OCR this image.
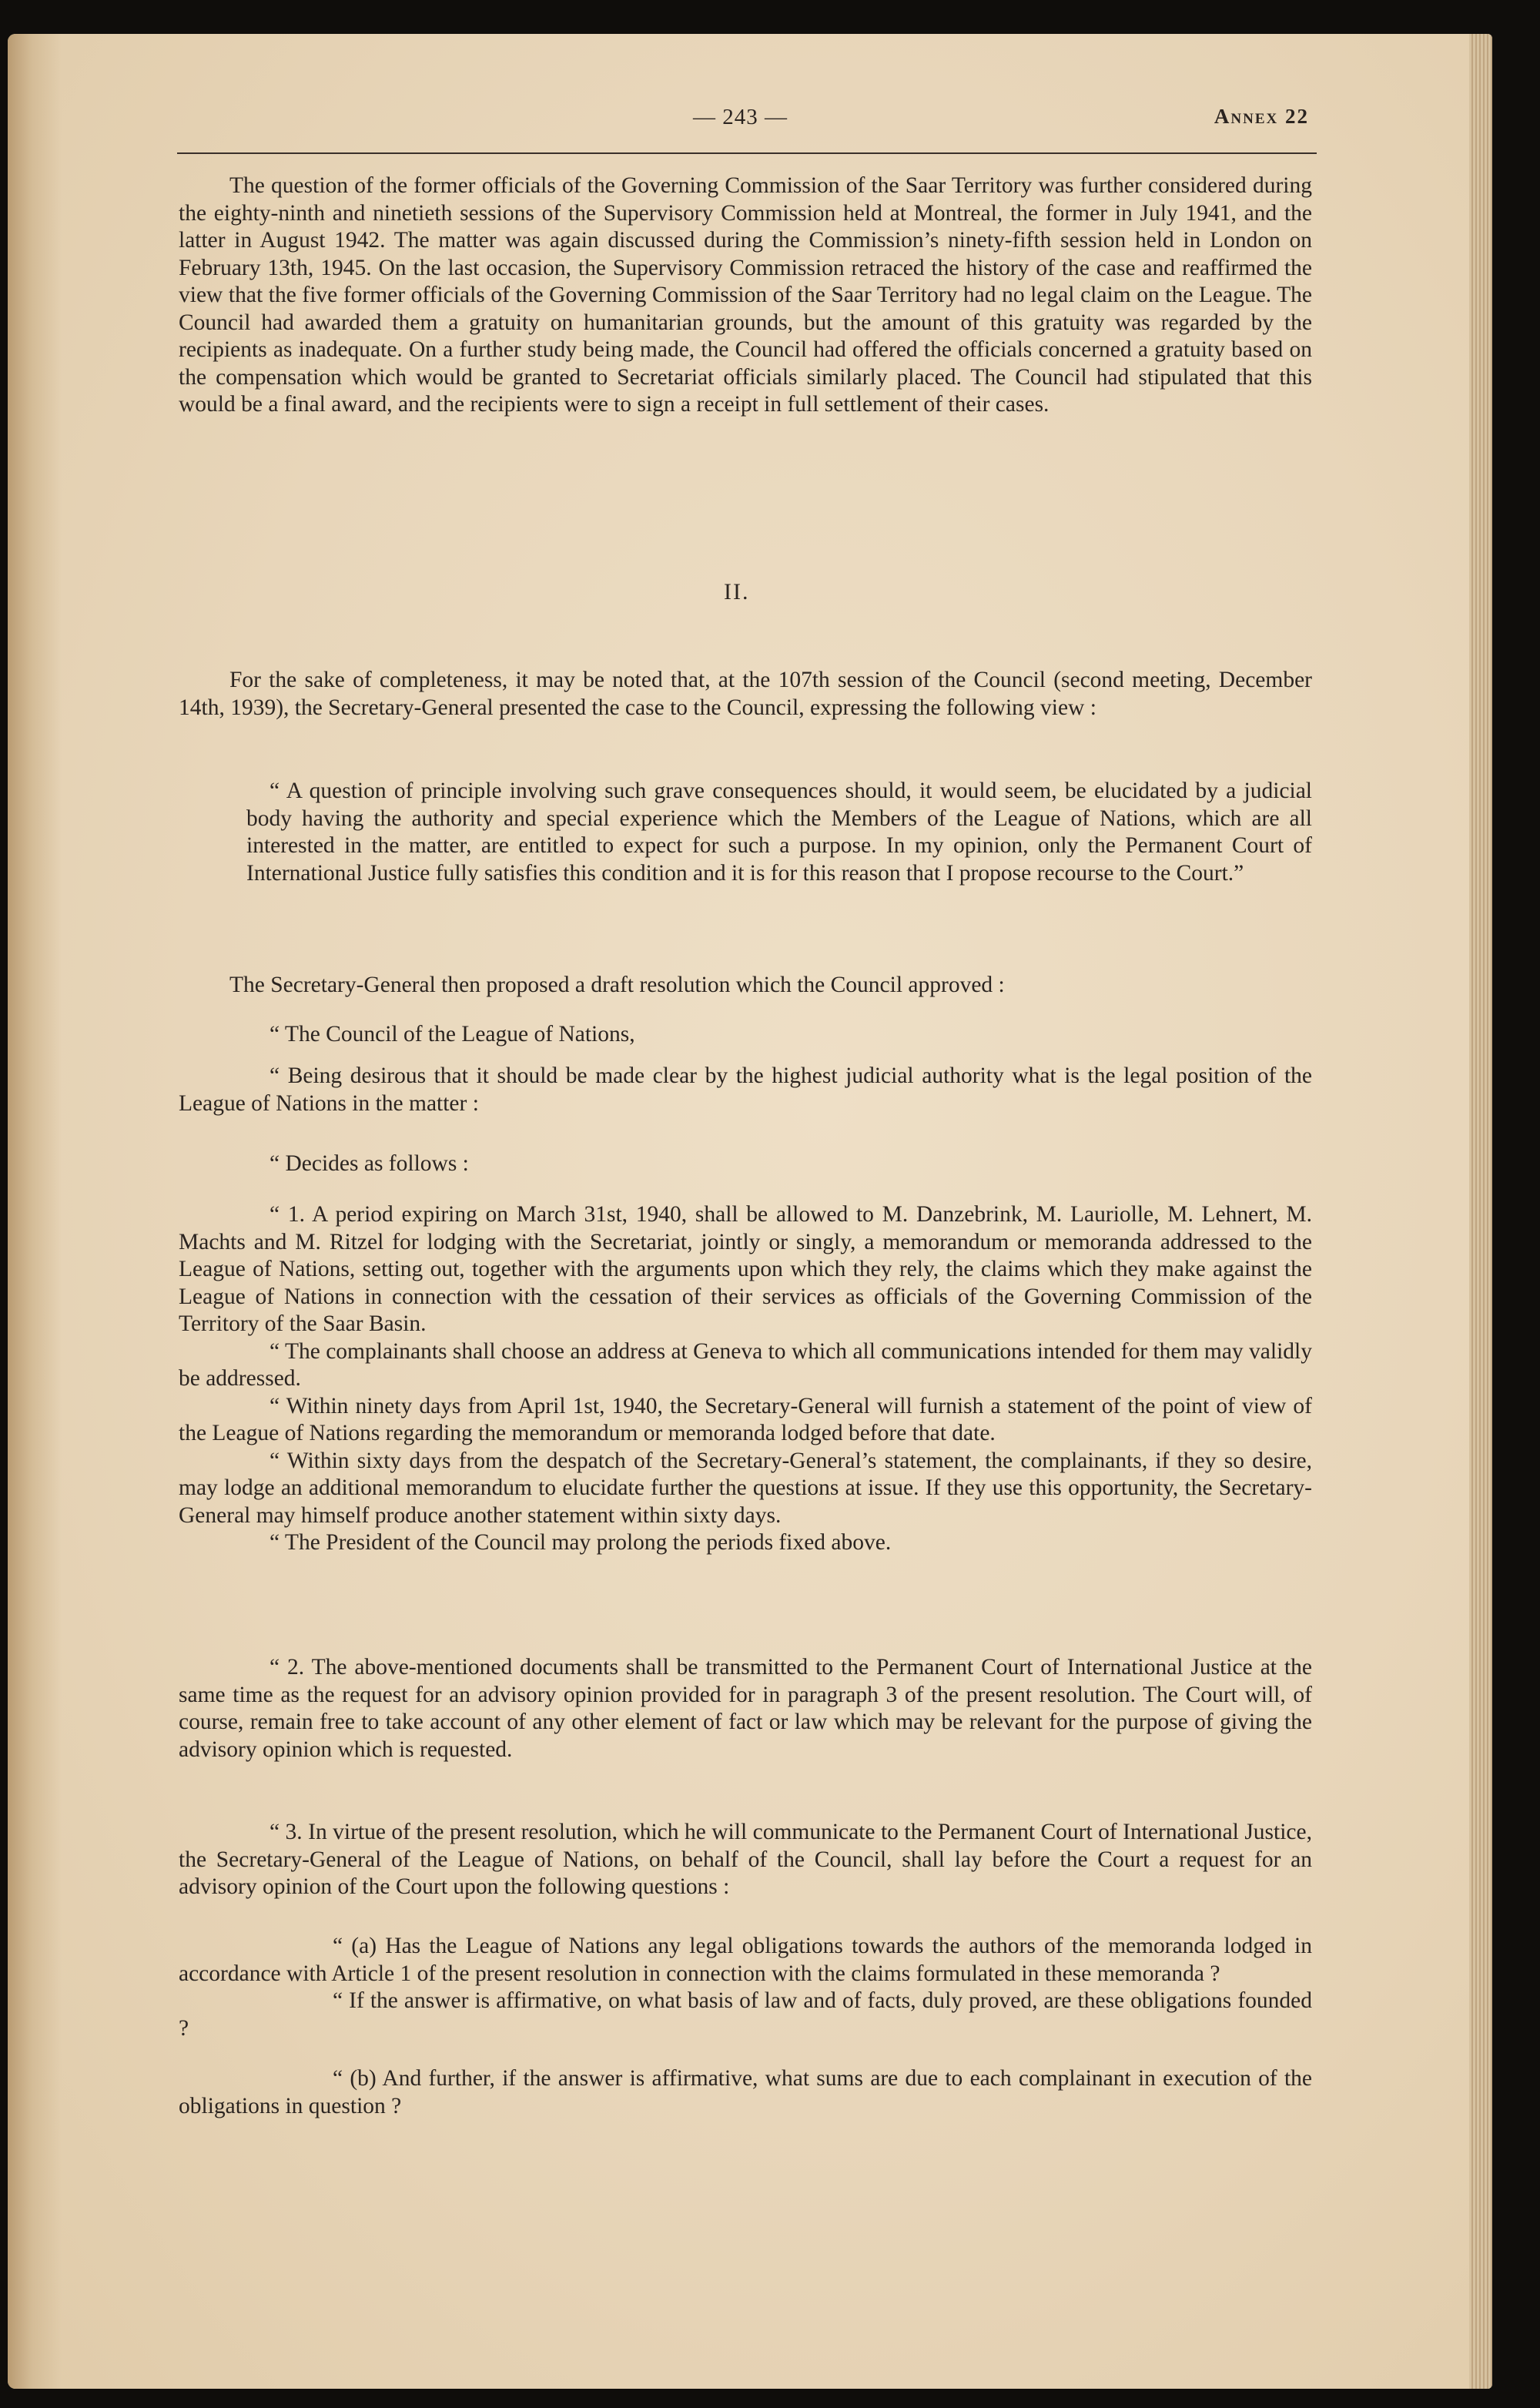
— 243 —	Annex 22

The question of the former officials of the Governing Commission of the Saar Territory was further considered during the eighty-ninth and ninetieth sessions of the Supervisory Commission held at Montreal, the former in July 1941, and the latter in August 1942. The matter was again discussed during the Commission’s ninety-fifth session held in London on February 13th, 1945. On the last occasion, the Supervisory Commission retraced the history of the case and reaffirmed the view that the five former officials of the Governing Commission of the Saar Territory had no legal claim on the League. The Council had awarded them a gratuity on humanitarian grounds, but the amount of this gratuity was regarded by the recipients as inadequate. On a further study being made, the Council had offered the officials concerned a gratuity based on the compensation which would be granted to Secretariat officials similarly placed. The Council had stipulated that this would be a final award, and the recipients were to sign a receipt in full settlement of their cases.

II.

For the sake of completeness, it may be noted that, at the 107th session of the Council (second meeting, December 14th, 1939), the Secretary-General presented the case to the Council, expressing the following view :

“ A question of principle involving such grave consequences should, it would seem, be elucidated by a judicial body having the authority and special experience which the Members of the League of Nations, which are all interested in the matter, are entitled to expect for such a purpose. In my opinion, only the Permanent Court of International Justice fully satisfies this condition and it is for this reason that I propose recourse to the Court.”

The Secretary-General then proposed a draft resolution which the Council approved :

“ The Council of the League of Nations,

“ Being desirous that it should be made clear by the highest judicial authority what is the legal position of the League of Nations in the matter :

“ Decides as follows :

“ 1. A period expiring on March 31st, 1940, shall be allowed to M. Danzebrink, M. Lauriolle, M. Lehnert, M. Machts and M. Ritzel for lodging with the Secretariat, jointly or singly, a memorandum or memoranda addressed to the League of Nations, setting out, together with the arguments upon which they rely, the claims which they make against the League of Nations in connection with the cessation of their services as officials of the Governing Commission of the Territory of the Saar Basin.

“ The complainants shall choose an address at Geneva to which all communications intended for them may validly be addressed.

“ Within ninety days from April 1st, 1940, the Secretary-General will furnish a statement of the point of view of the League of Nations regarding the memorandum or memoranda lodged before that date.

“ Within sixty days from the despatch of the Secretary-General’s statement, the complainants, if they so desire, may lodge an additional memorandum to elucidate further the questions at issue. If they use this opportunity, the Secretary-General may himself produce another statement within sixty days.

“ The President of the Council may prolong the periods fixed above.

“ 2. The above-mentioned documents shall be transmitted to the Permanent Court of International Justice at the same time as the request for an advisory opinion provided for in paragraph 3 of the present resolution. The Court will, of course, remain free to take account of any other element of fact or law which may be relevant for the purpose of giving the advisory opinion which is requested.

“ 3. In virtue of the present resolution, which he will communicate to the Permanent Court of International Justice, the Secretary-General of the League of Nations, on behalf of the Council, shall lay before the Court a request for an advisory opinion of the Court upon the following questions :

“ (a) Has the League of Nations any legal obligations towards the authors of the memoranda lodged in accordance with Article 1 of the present resolution in connection with the claims formulated in these memoranda ?

“ If the answer is affirmative, on what basis of law and of facts, duly proved, are these obligations founded ?

“ (b) And further, if the answer is affirmative, what sums are due to each complainant in execution of the obligations in question ?
